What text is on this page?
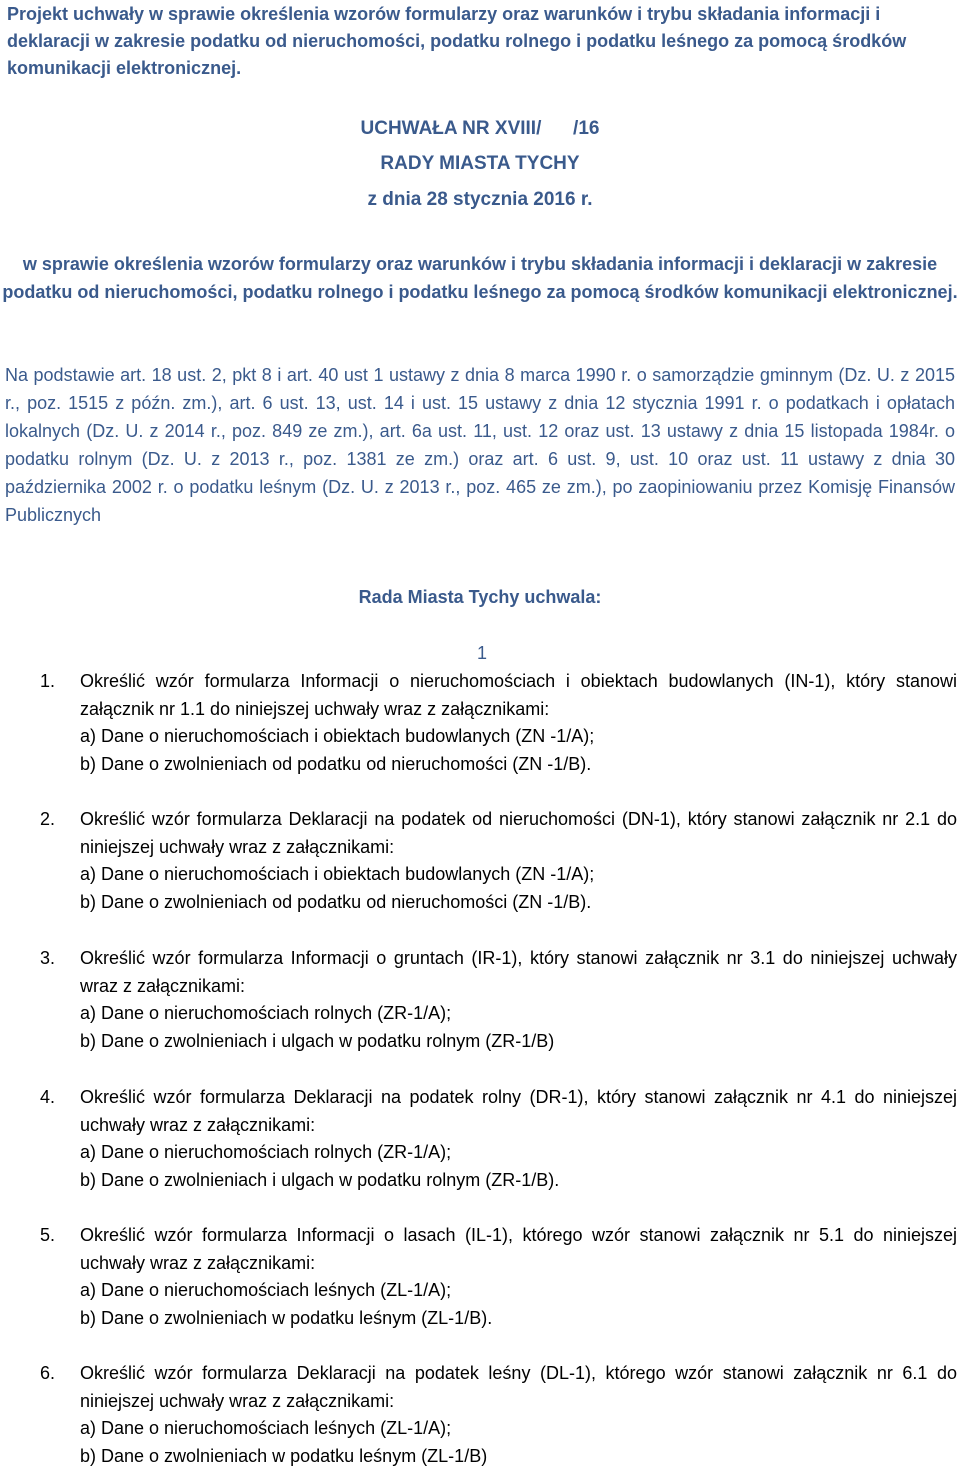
Projekt uchwały w sprawie określenia wzorów formularzy oraz warunków i trybu składania informacji i deklaracji w zakresie podatku od nieruchomości, podatku rolnego i podatku leśnego za pomocą środków komunikacji elektronicznej.
UCHWAŁA NR XVIII/      /16
RADY MIASTA TYCHY
z dnia 28 stycznia 2016 r.
w sprawie określenia wzorów formularzy oraz warunków i trybu składania informacji i deklaracji w zakresie podatku od nieruchomości, podatku rolnego i podatku leśnego za pomocą środków komunikacji elektronicznej.
Na podstawie art. 18 ust. 2, pkt 8 i art. 40 ust 1 ustawy z dnia 8 marca 1990 r. o samorządzie gminnym (Dz. U. z 2015 r., poz. 1515 z późn. zm.), art. 6 ust. 13, ust. 14 i ust. 15 ustawy z dnia 12 stycznia 1991 r. o podatkach i opłatach lokalnych (Dz. U. z 2014 r., poz. 849 ze zm.), art. 6a ust. 11, ust. 12 oraz ust. 13 ustawy z dnia 15 listopada 1984r. o podatku rolnym (Dz. U. z 2013 r., poz. 1381 ze zm.) oraz art. 6 ust. 9, ust. 10 oraz ust. 11 ustawy z dnia 30 października 2002 r. o podatku leśnym (Dz. U. z 2013 r., poz. 465 ze zm.), po zaopiniowaniu przez Komisję Finansów Publicznych
Rada Miasta Tychy uchwala:
1
1.	Określić wzór formularza Informacji o nieruchomościach i obiektach budowlanych (IN-1), który stanowi załącznik nr 1.1 do niniejszej uchwały wraz z załącznikami:
a) Dane o nieruchomościach i obiektach budowlanych (ZN -1/A);
b) Dane o zwolnieniach od podatku od nieruchomości (ZN -1/B).
2.	Określić wzór formularza Deklaracji na podatek od nieruchomości (DN-1), który stanowi załącznik nr 2.1 do niniejszej uchwały wraz z załącznikami:
a) Dane o nieruchomościach i obiektach budowlanych (ZN -1/A);
b) Dane o zwolnieniach od podatku od nieruchomości (ZN -1/B).
3.	Określić wzór formularza Informacji o gruntach (IR-1), który stanowi załącznik nr 3.1 do niniejszej uchwały wraz z załącznikami:
a) Dane o nieruchomościach rolnych (ZR-1/A);
b) Dane o zwolnieniach i ulgach w podatku rolnym (ZR-1/B)
4.	Określić wzór formularza Deklaracji na podatek rolny (DR-1), który stanowi załącznik nr 4.1 do niniejszej uchwały wraz z załącznikami:
a) Dane o nieruchomościach rolnych (ZR-1/A);
b) Dane o zwolnieniach i ulgach w podatku rolnym (ZR-1/B).
5.	Określić wzór formularza Informacji o lasach (IL-1), którego wzór stanowi załącznik nr 5.1 do niniejszej uchwały wraz z załącznikami:
a) Dane o nieruchomościach leśnych (ZL-1/A);
b) Dane o zwolnieniach w podatku leśnym (ZL-1/B).
6.	Określić wzór formularza Deklaracji na podatek leśny (DL-1), którego wzór stanowi załącznik nr 6.1 do niniejszej uchwały wraz z załącznikami:
a) Dane o nieruchomościach leśnych (ZL-1/A);
b) Dane o zwolnieniach w podatku leśnym (ZL-1/B)
